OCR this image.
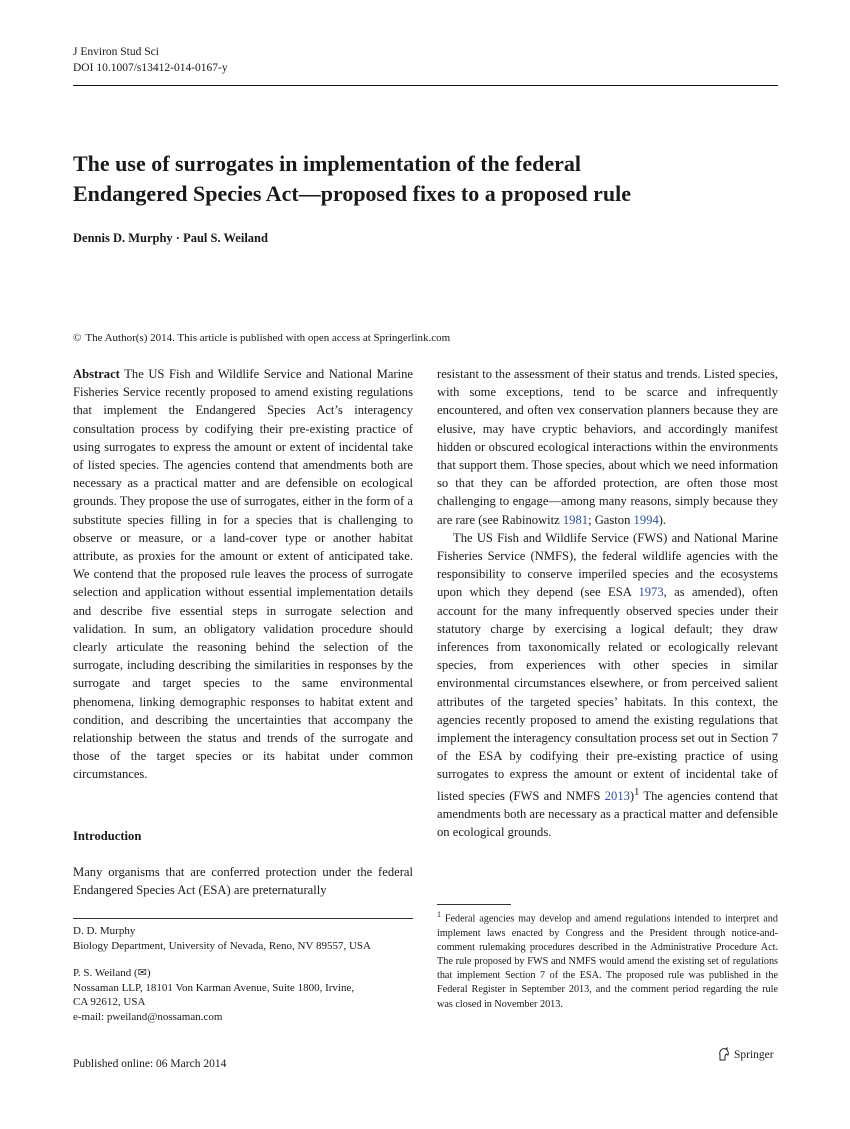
J Environ Stud Sci
DOI 10.1007/s13412-014-0167-y
The use of surrogates in implementation of the federal
Endangered Species Act—proposed fixes to a proposed rule
Dennis D. Murphy · Paul S. Weiland
© The Author(s) 2014. This article is published with open access at Springerlink.com

Abstract The US Fish and Wildlife Service and National Marine Fisheries Service recently proposed to amend existing regulations that implement the Endangered Species Act’s interagency consultation process by codifying their pre-existing practice of using surrogates to express the amount or extent of incidental take of listed species. The agencies contend that amendments both are necessary as a practical matter and are defensible on ecological grounds. They propose the use of surrogates, either in the form of a substitute species filling in for a species that is challenging to observe or measure, or a land-cover type or another habitat attribute, as proxies for the amount or extent of anticipated take. We contend that the proposed rule leaves the process of surrogate selection and application without essential implementation details and describe five essential steps in surrogate selection and validation. In sum, an obligatory validation procedure should clearly articulate the reasoning behind the selection of the surrogate, including describing the similarities in responses by the surrogate and target species to the same environmental phenomena, linking demographic responses to habitat extent and condition, and describing the uncertainties that accompany the relationship between the status and trends of the surrogate and those of the target species or its habitat under common circumstances.

Introduction

Many organisms that are conferred protection under the federal Endangered Species Act (ESA) are preternaturally

resistant to the assessment of their status and trends. Listed species, with some exceptions, tend to be scarce and infrequently encountered, and often vex conservation planners because they are elusive, may have cryptic behaviors, and accordingly manifest hidden or obscured ecological interactions within the environments that support them. Those species, about which we need information so that they can be afforded protection, are often those most challenging to engage—among many reasons, simply because they are rare (see Rabinowitz 1981; Gaston 1994).

The US Fish and Wildlife Service (FWS) and National Marine Fisheries Service (NMFS), the federal wildlife agencies with the responsibility to conserve imperiled species and the ecosystems upon which they depend (see ESA 1973, as amended), often account for the many infrequently observed species under their statutory charge by exercising a logical default; they draw inferences from taxonomically related or ecologically relevant species, from experiences with other species in similar environmental circumstances elsewhere, or from perceived salient attributes of the targeted species’ habitats. In this context, the agencies recently proposed to amend the existing regulations that implement the interagency consultation process set out in Section 7 of the ESA by codifying their pre-existing practice of using surrogates to express the amount or extent of incidental take of listed species (FWS and NMFS 2013)$^1$ The agencies contend that amendments both are necessary as a practical matter and defensible on ecological grounds.

D. D. Murphy
Biology Department, University of Nevada, Reno, NV 89557, USA
P. S. Weiland (✉)
Nossaman LLP, 18101 Von Karman Avenue, Suite 1800, Irvine,
CA 92612, USA
e-mail: pweiland@nossaman.com
$^1$ Federal agencies may develop and amend regulations intended to interpret and implement laws enacted by Congress and the President through notice-and-comment rulemaking procedures described in the Administrative Procedure Act. The rule proposed by FWS and NMFS would amend the existing set of regulations that implement Section 7 of the ESA. The proposed rule was published in the Federal Register in September 2013, and the comment period regarding the rule was closed in November 2013.
Published online: 06 March 2014
Springer
